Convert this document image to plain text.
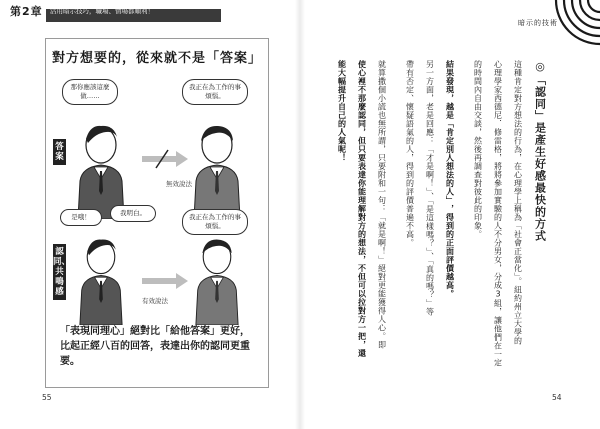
第2章 活用暗示技巧，職場、情場都順利！
對方想要的，從來就不是「答案」
那你應該這麼做……
我正在為工作的事煩惱。
無效說法
答案
是哦！	我明白。	我正在為工作的事煩惱。
有效說法
認同、共鳴感
「表現同理心」絕對比「給他答案」更好，比起正經八百的回答，表達出你的認同更重要。
55
暗示的技術
◎「認同」是產生好感最快的方式
這種肯定對方想法的行為，在心理學上稱為「社會正當化」。紐約州立大學的
心理學家西德尼．修雷格，將將參加實驗的人不分男女，分成3組，讓他們在一定
的時間內自由交談，然後再調查對彼此的印象。
結果發現，越是「肯定別人想法的人」，得到的正面評價越高。
另一方面，老是回應：「才是啊！」、「是這樣嗎？」、「真的嗎？」等
帶有否定、懷疑語氣的人，得到的評價普遍不高。
就算撒個小謊也無所謂，只要附和一句：「就是啊！」絕對更能獲得人心。即
使心裡不那麼認同，但只要表達你能理解對方的想法，不但可以拉對方一把，還
能大幅提升自己的人氣呢！
54
